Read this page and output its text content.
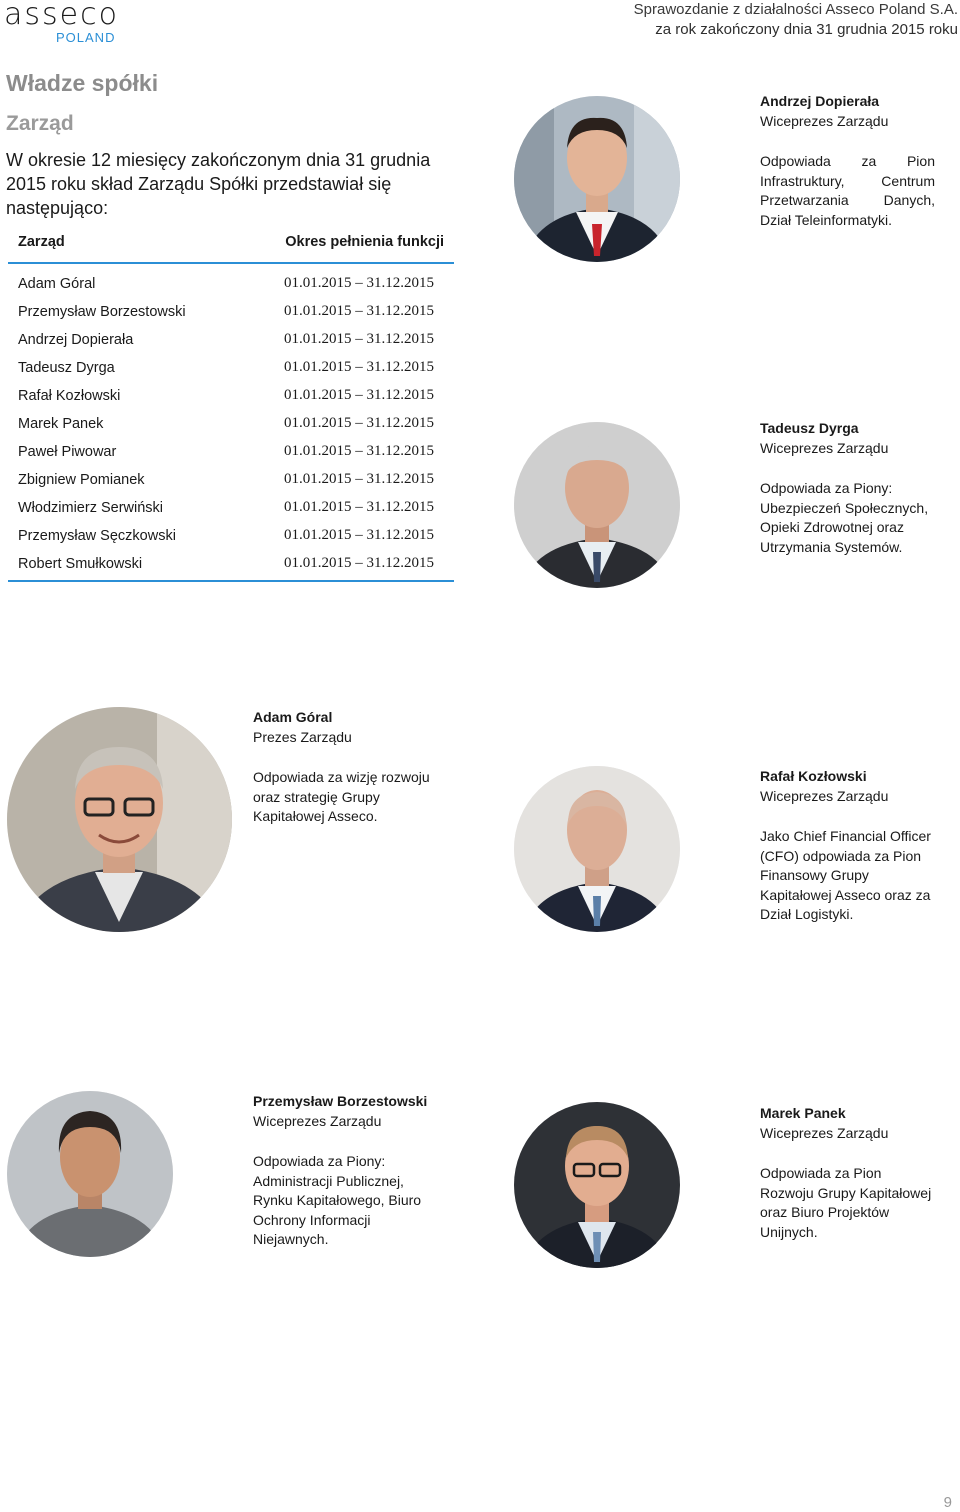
asseco
POLAND
Sprawozdanie z działalności Asseco Poland S.A.
za rok zakończony dnia 31 grudnia 2015 roku
Władze spółki
Zarząd
W okresie 12 miesięcy zakończonym dnia 31 grudnia 2015 roku skład Zarządu Spółki przedstawiał się następująco:
Zarząd	Okres pełnienia funkcji
Adam Góral	01.01.2015 – 31.12.2015
Przemysław Borzestowski	01.01.2015 – 31.12.2015
Andrzej Dopierała	01.01.2015 – 31.12.2015
Tadeusz Dyrga	01.01.2015 – 31.12.2015
Rafał Kozłowski	01.01.2015 – 31.12.2015
Marek Panek	01.01.2015 – 31.12.2015
Paweł Piwowar	01.01.2015 – 31.12.2015
Zbigniew Pomianek	01.01.2015 – 31.12.2015
Włodzimierz Serwiński	01.01.2015 – 31.12.2015
Przemysław Sęczkowski	01.01.2015 – 31.12.2015
Robert Smułkowski	01.01.2015 – 31.12.2015
Andrzej Dopierała
Wiceprezes Zarządu
Odpowiada za Pion Infrastruktury, Centrum Przetwarzania Danych, Dział Teleinformatyki.
Tadeusz Dyrga
Wiceprezes Zarządu
Odpowiada za Piony: Ubezpieczeń Społecznych, Opieki Zdrowotnej oraz Utrzymania Systemów.
Adam Góral
Prezes Zarządu
Odpowiada za wizję rozwoju oraz strategię Grupy Kapitałowej Asseco.
Rafał Kozłowski
Wiceprezes Zarządu
Jako Chief Financial Officer (CFO) odpowiada za Pion Finansowy Grupy Kapitałowej Asseco oraz za Dział Logistyki.
Przemysław Borzestowski
Wiceprezes Zarządu
Odpowiada za Piony: Administracji Publicznej, Rynku Kapitałowego, Biuro Ochrony Informacji Niejawnych.
Marek Panek
Wiceprezes Zarządu
Odpowiada za Pion Rozwoju Grupy Kapitałowej oraz Biuro Projektów Unijnych.
9
